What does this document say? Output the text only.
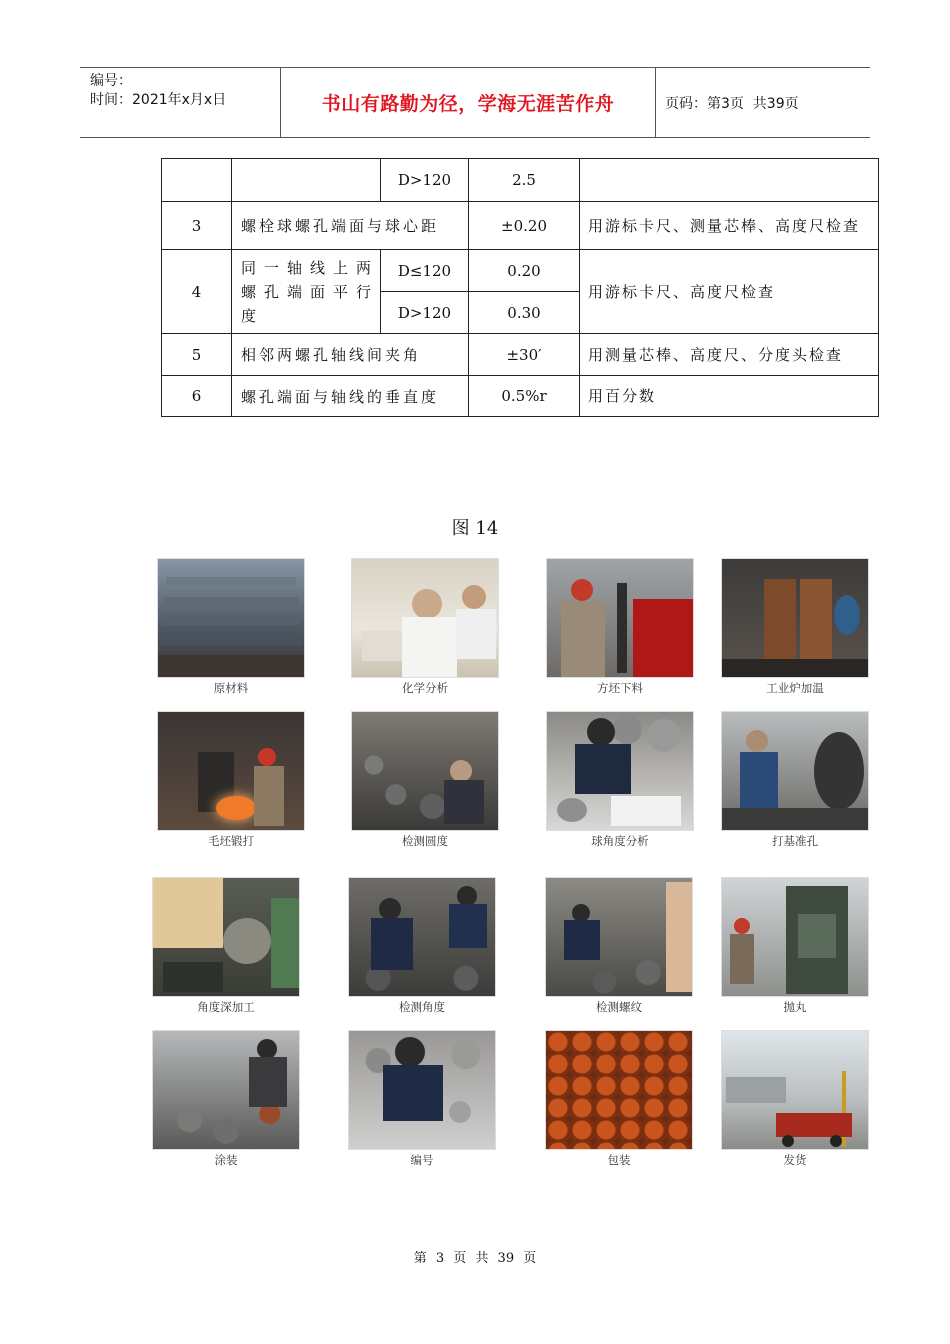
编号：
时间：2021年x月x日	书山有路勤为径，学海无涯苦作舟	页码：第3页  共39页
		D>120	2.5	
3	螺栓球螺孔端面与球心距		±0.20	用游标卡尺、测量芯棒、高度尺检查
4	同一轴线上两螺孔端面平行度	D≤120	0.20	用游标卡尺、高度尺检查
		D>120	0.30	
5	相邻两螺孔轴线间夹角		±30′	用测量芯棒、高度尺、分度头检查
6	螺孔端面与轴线的垂直度		0.5%r	用百分数
图 14
原材料	化学分析	方坯下料	工业炉加温
毛坯锻打	检测圆度	球角度分析	打基准孔
角度深加工	检测角度	检测螺纹	抛丸
涂装	编号	包装	发货
第 3 页 共 39 页
